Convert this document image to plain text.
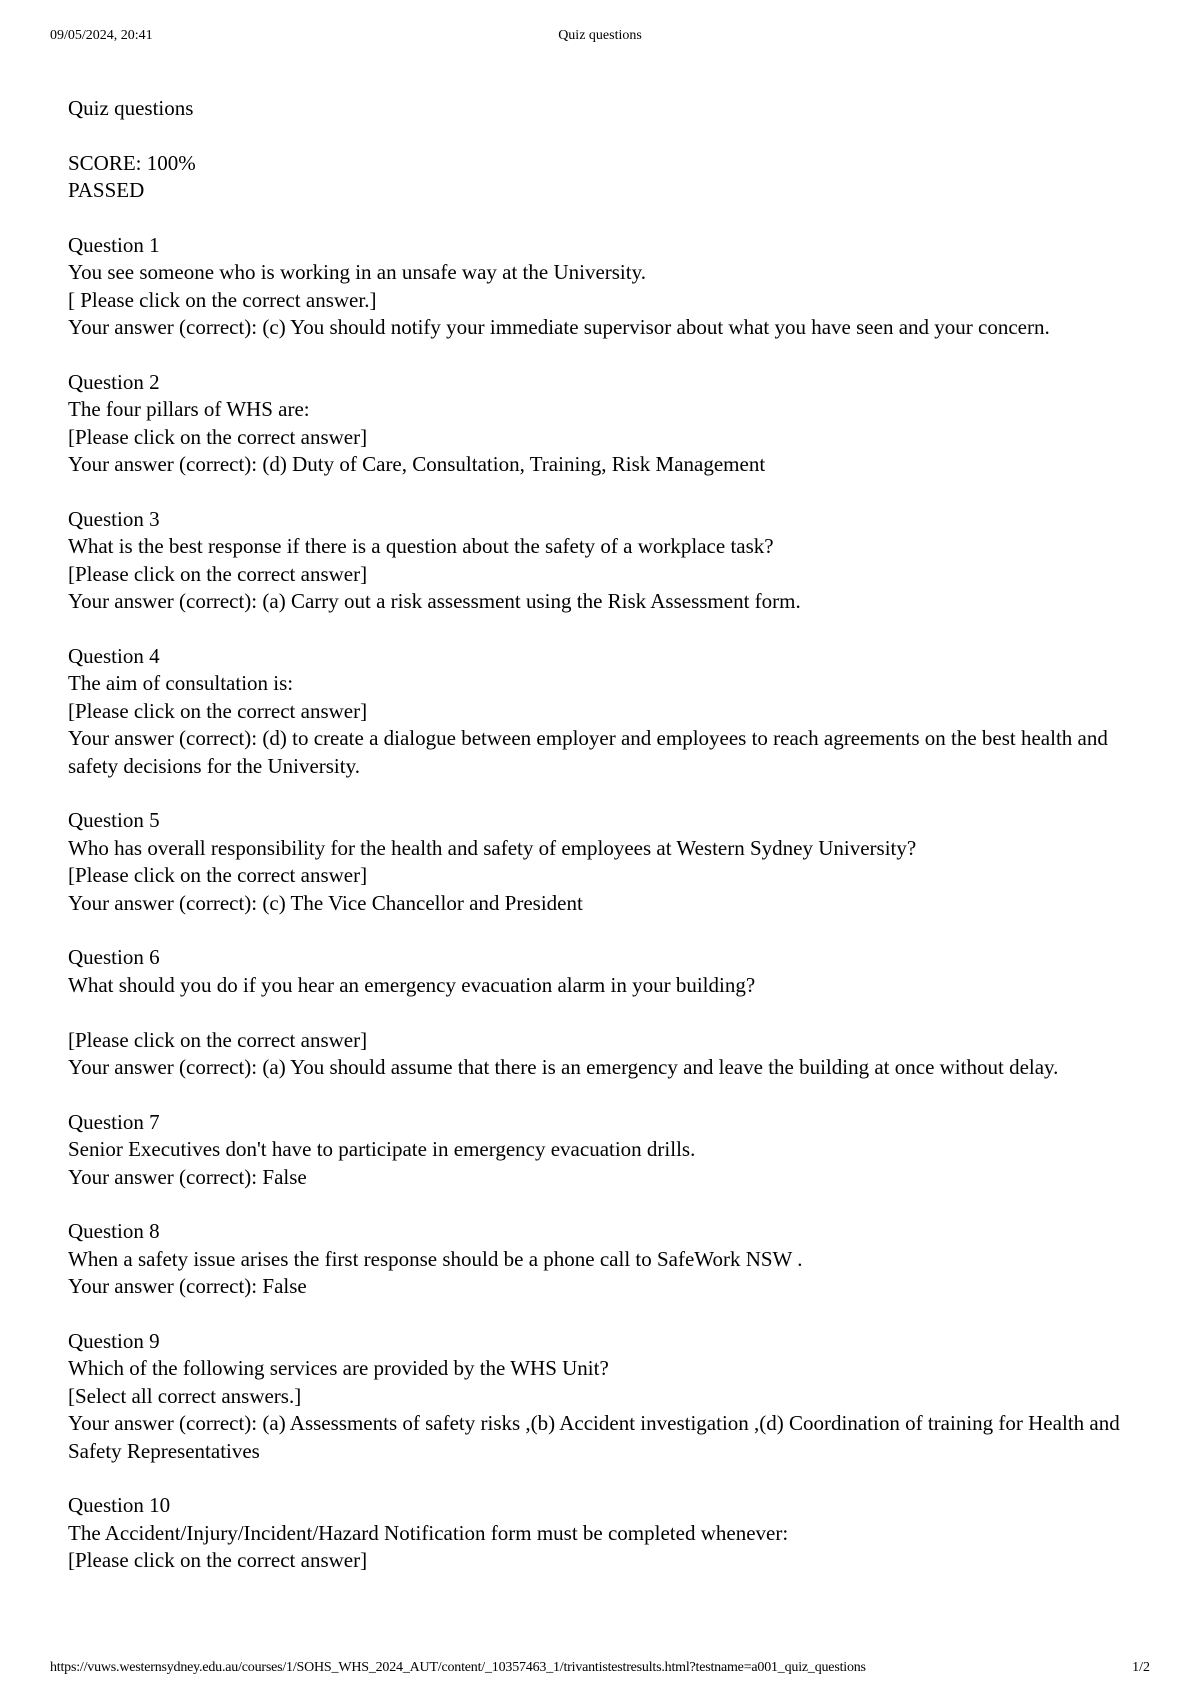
09/05/2024, 20:41	Quiz questions
Quiz questions
SCORE: 100%
PASSED
Question 1
You see someone who is working in an unsafe way at the University.
[ Please click on the correct answer.]
Your answer (correct): (c) You should notify your immediate supervisor about what you have seen and your concern.
Question 2
The four pillars of WHS are:
[Please click on the correct answer]
Your answer (correct): (d) Duty of Care, Consultation, Training, Risk Management
Question 3
What is the best response if there is a question about the safety of a workplace task?
[Please click on the correct answer]
Your answer (correct): (a) Carry out a risk assessment using the Risk Assessment form.
Question 4
The aim of consultation is:
[Please click on the correct answer]
Your answer (correct): (d) to create a dialogue between employer and employees to reach agreements on the best health and safety decisions for the University.
Question 5
Who has overall responsibility for the health and safety of employees at Western Sydney University?
[Please click on the correct answer]
Your answer (correct): (c) The Vice Chancellor and President
Question 6
What should you do if you hear an emergency evacuation alarm in your building?
[Please click on the correct answer]
Your answer (correct): (a) You should assume that there is an emergency and leave the building at once without delay.
Question 7
Senior Executives don't have to participate in emergency evacuation drills.
Your answer (correct): False
Question 8
When a safety issue arises the first response should be a phone call to SafeWork NSW .
Your answer (correct): False
Question 9
Which of the following services are provided by the WHS Unit?
[Select all correct answers.]
Your answer (correct): (a) Assessments of safety risks ,(b) Accident investigation ,(d) Coordination of training for Health and Safety Representatives
Question 10
The Accident/Injury/Incident/Hazard Notification form must be completed whenever:
[Please click on the correct answer]
https://vuws.westernsydney.edu.au/courses/1/SOHS_WHS_2024_AUT/content/_10357463_1/trivantistestresults.html?testname=a001_quiz_questions	1/2
